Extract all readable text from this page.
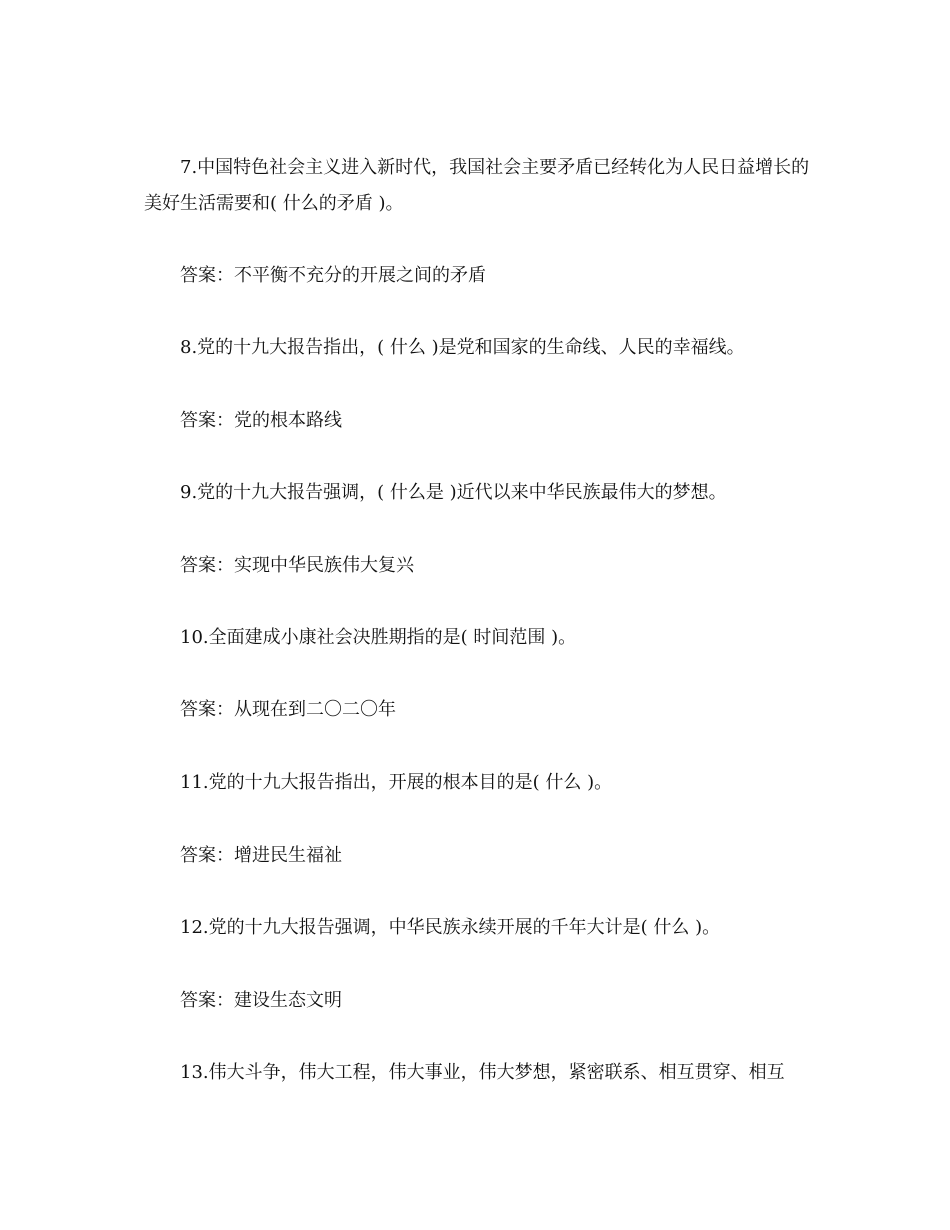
7.中国特色社会主义进入新时代，我国社会主要矛盾已经转化为人民日益增长的美好生活需要和( 什么的矛盾 )。
答案：不平衡不充分的开展之间的矛盾
8.党的十九大报告指出，( 什么 )是党和国家的生命线、人民的幸福线。
答案：党的根本路线
9.党的十九大报告强调，( 什么是 )近代以来中华民族最伟大的梦想。
答案：实现中华民族伟大复兴
10.全面建成小康社会决胜期指的是( 时间范围 )。
答案：从现在到二〇二〇年
11.党的十九大报告指出，开展的根本目的是( 什么 )。
答案：增进民生福祉
12.党的十九大报告强调，中华民族永续开展的千年大计是( 什么 )。
答案：建设生态文明
13.伟大斗争，伟大工程，伟大事业，伟大梦想，紧密联系、相互贯穿、相互
